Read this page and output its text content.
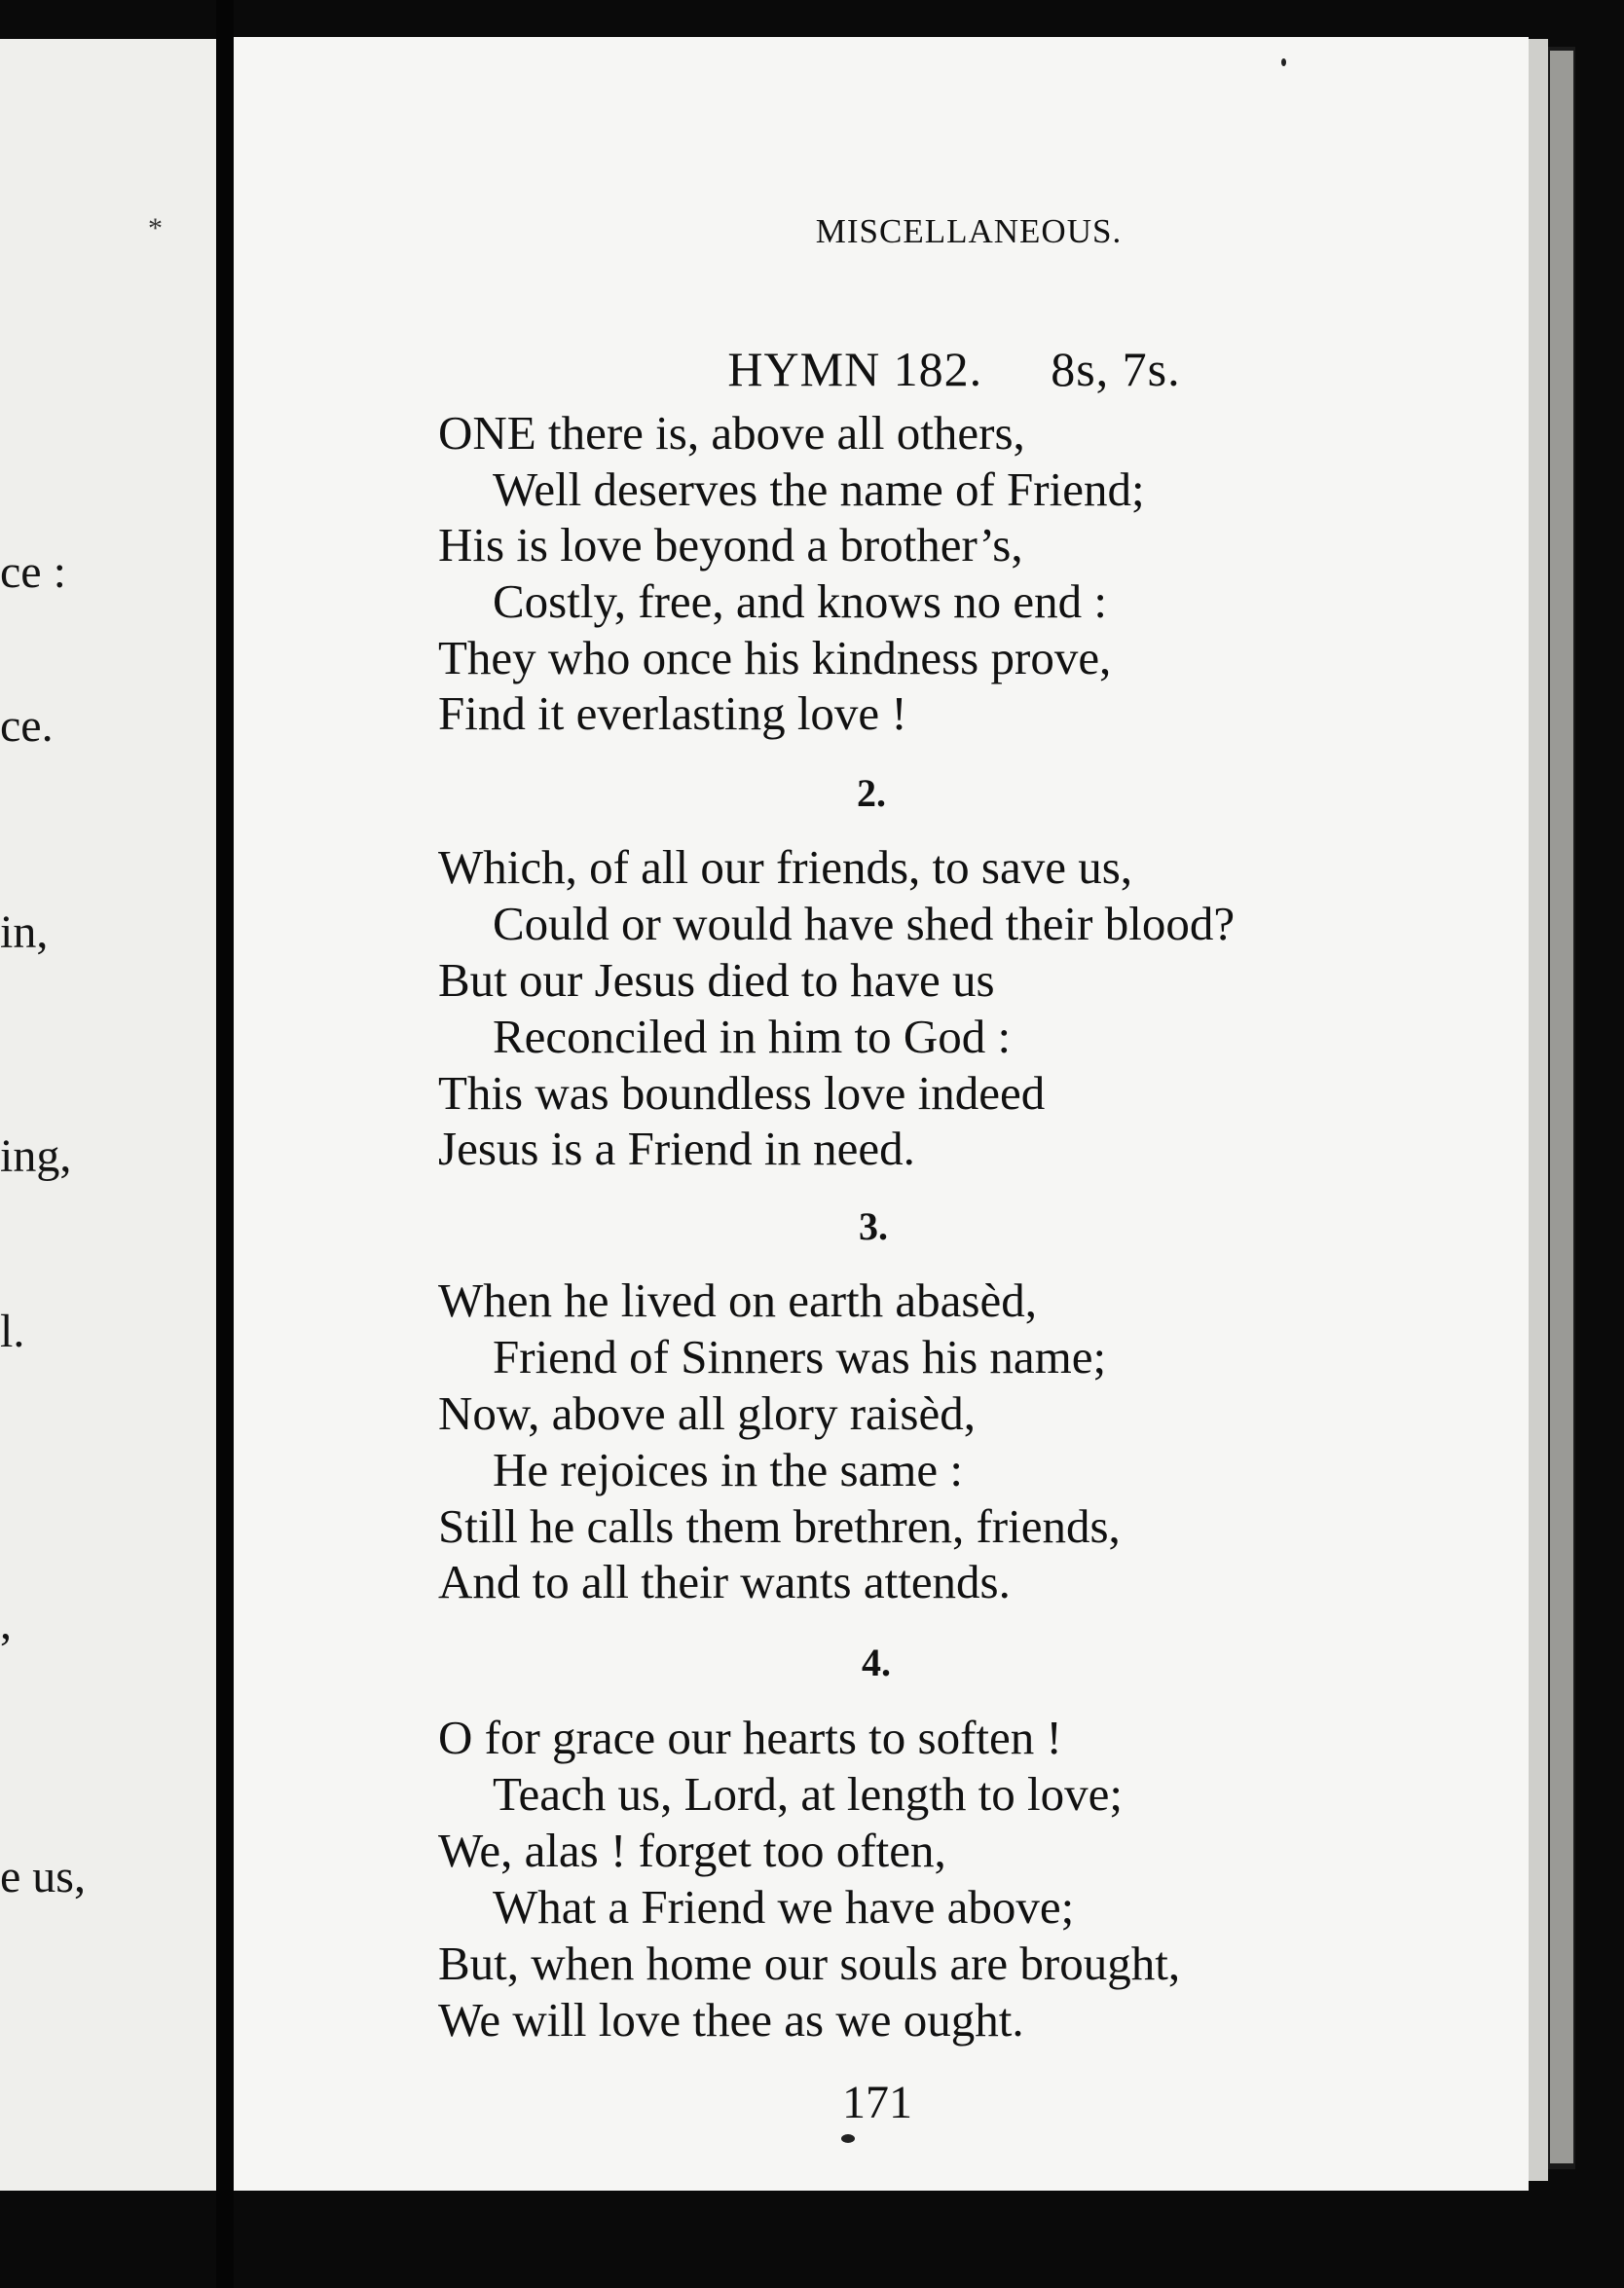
*
ce :
ce.
in,
ing,
l.
,
e us,
MISCELLANEOUS.
HYMN 182. 8s, 7s.
ONE there is, above all others,
Well deserves the name of Friend;
His is love beyond a brother’s,
Costly, free, and knows no end :
They who once his kindness prove,
Find it everlasting love !
2.
Which, of all our friends, to save us,
Could or would have shed their blood?
But our Jesus died to have us
Reconciled in him to God :
This was boundless love indeed
Jesus is a Friend in need.
3.
When he lived on earth abasèd,
Friend of Sinners was his name;
Now, above all glory raisèd,
He rejoices in the same :
Still he calls them brethren, friends,
And to all their wants attends.
4.
O for grace our hearts to soften !
Teach us, Lord, at length to love;
We, alas ! forget too often,
What a Friend we have above;
But, when home our souls are brought,
We will love thee as we ought.
171
